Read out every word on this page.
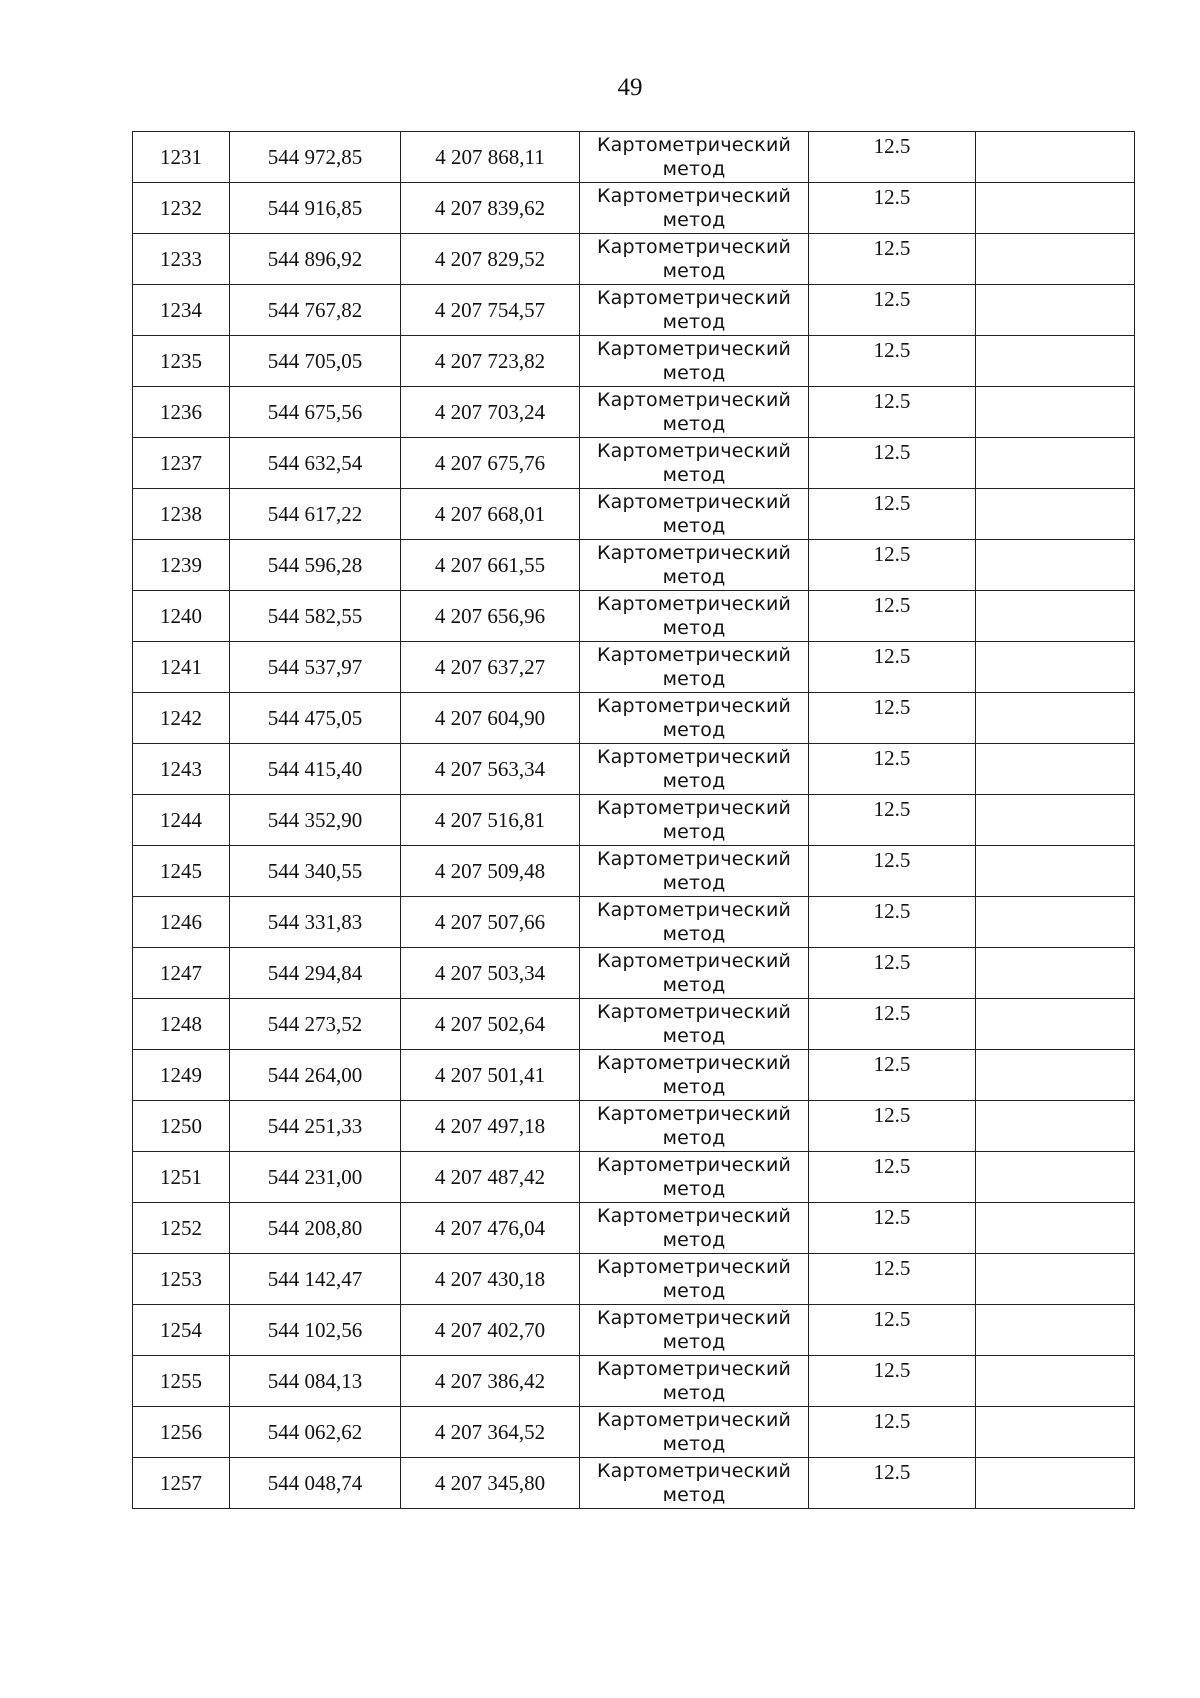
49
1231	544 972,85	4 207 868,11	Картометрический
метод	12.5	
1232	544 916,85	4 207 839,62	Картометрический
метод	12.5	
1233	544 896,92	4 207 829,52	Картометрический
метод	12.5	
1234	544 767,82	4 207 754,57	Картометрический
метод	12.5	
1235	544 705,05	4 207 723,82	Картометрический
метод	12.5	
1236	544 675,56	4 207 703,24	Картометрический
метод	12.5	
1237	544 632,54	4 207 675,76	Картометрический
метод	12.5	
1238	544 617,22	4 207 668,01	Картометрический
метод	12.5	
1239	544 596,28	4 207 661,55	Картометрический
метод	12.5	
1240	544 582,55	4 207 656,96	Картометрический
метод	12.5	
1241	544 537,97	4 207 637,27	Картометрический
метод	12.5	
1242	544 475,05	4 207 604,90	Картометрический
метод	12.5	
1243	544 415,40	4 207 563,34	Картометрический
метод	12.5	
1244	544 352,90	4 207 516,81	Картометрический
метод	12.5	
1245	544 340,55	4 207 509,48	Картометрический
метод	12.5	
1246	544 331,83	4 207 507,66	Картометрический
метод	12.5	
1247	544 294,84	4 207 503,34	Картометрический
метод	12.5	
1248	544 273,52	4 207 502,64	Картометрический
метод	12.5	
1249	544 264,00	4 207 501,41	Картометрический
метод	12.5	
1250	544 251,33	4 207 497,18	Картометрический
метод	12.5	
1251	544 231,00	4 207 487,42	Картометрический
метод	12.5	
1252	544 208,80	4 207 476,04	Картометрический
метод	12.5	
1253	544 142,47	4 207 430,18	Картометрический
метод	12.5	
1254	544 102,56	4 207 402,70	Картометрический
метод	12.5	
1255	544 084,13	4 207 386,42	Картометрический
метод	12.5	
1256	544 062,62	4 207 364,52	Картометрический
метод	12.5	
1257	544 048,74	4 207 345,80	Картометрический
метод	12.5	
